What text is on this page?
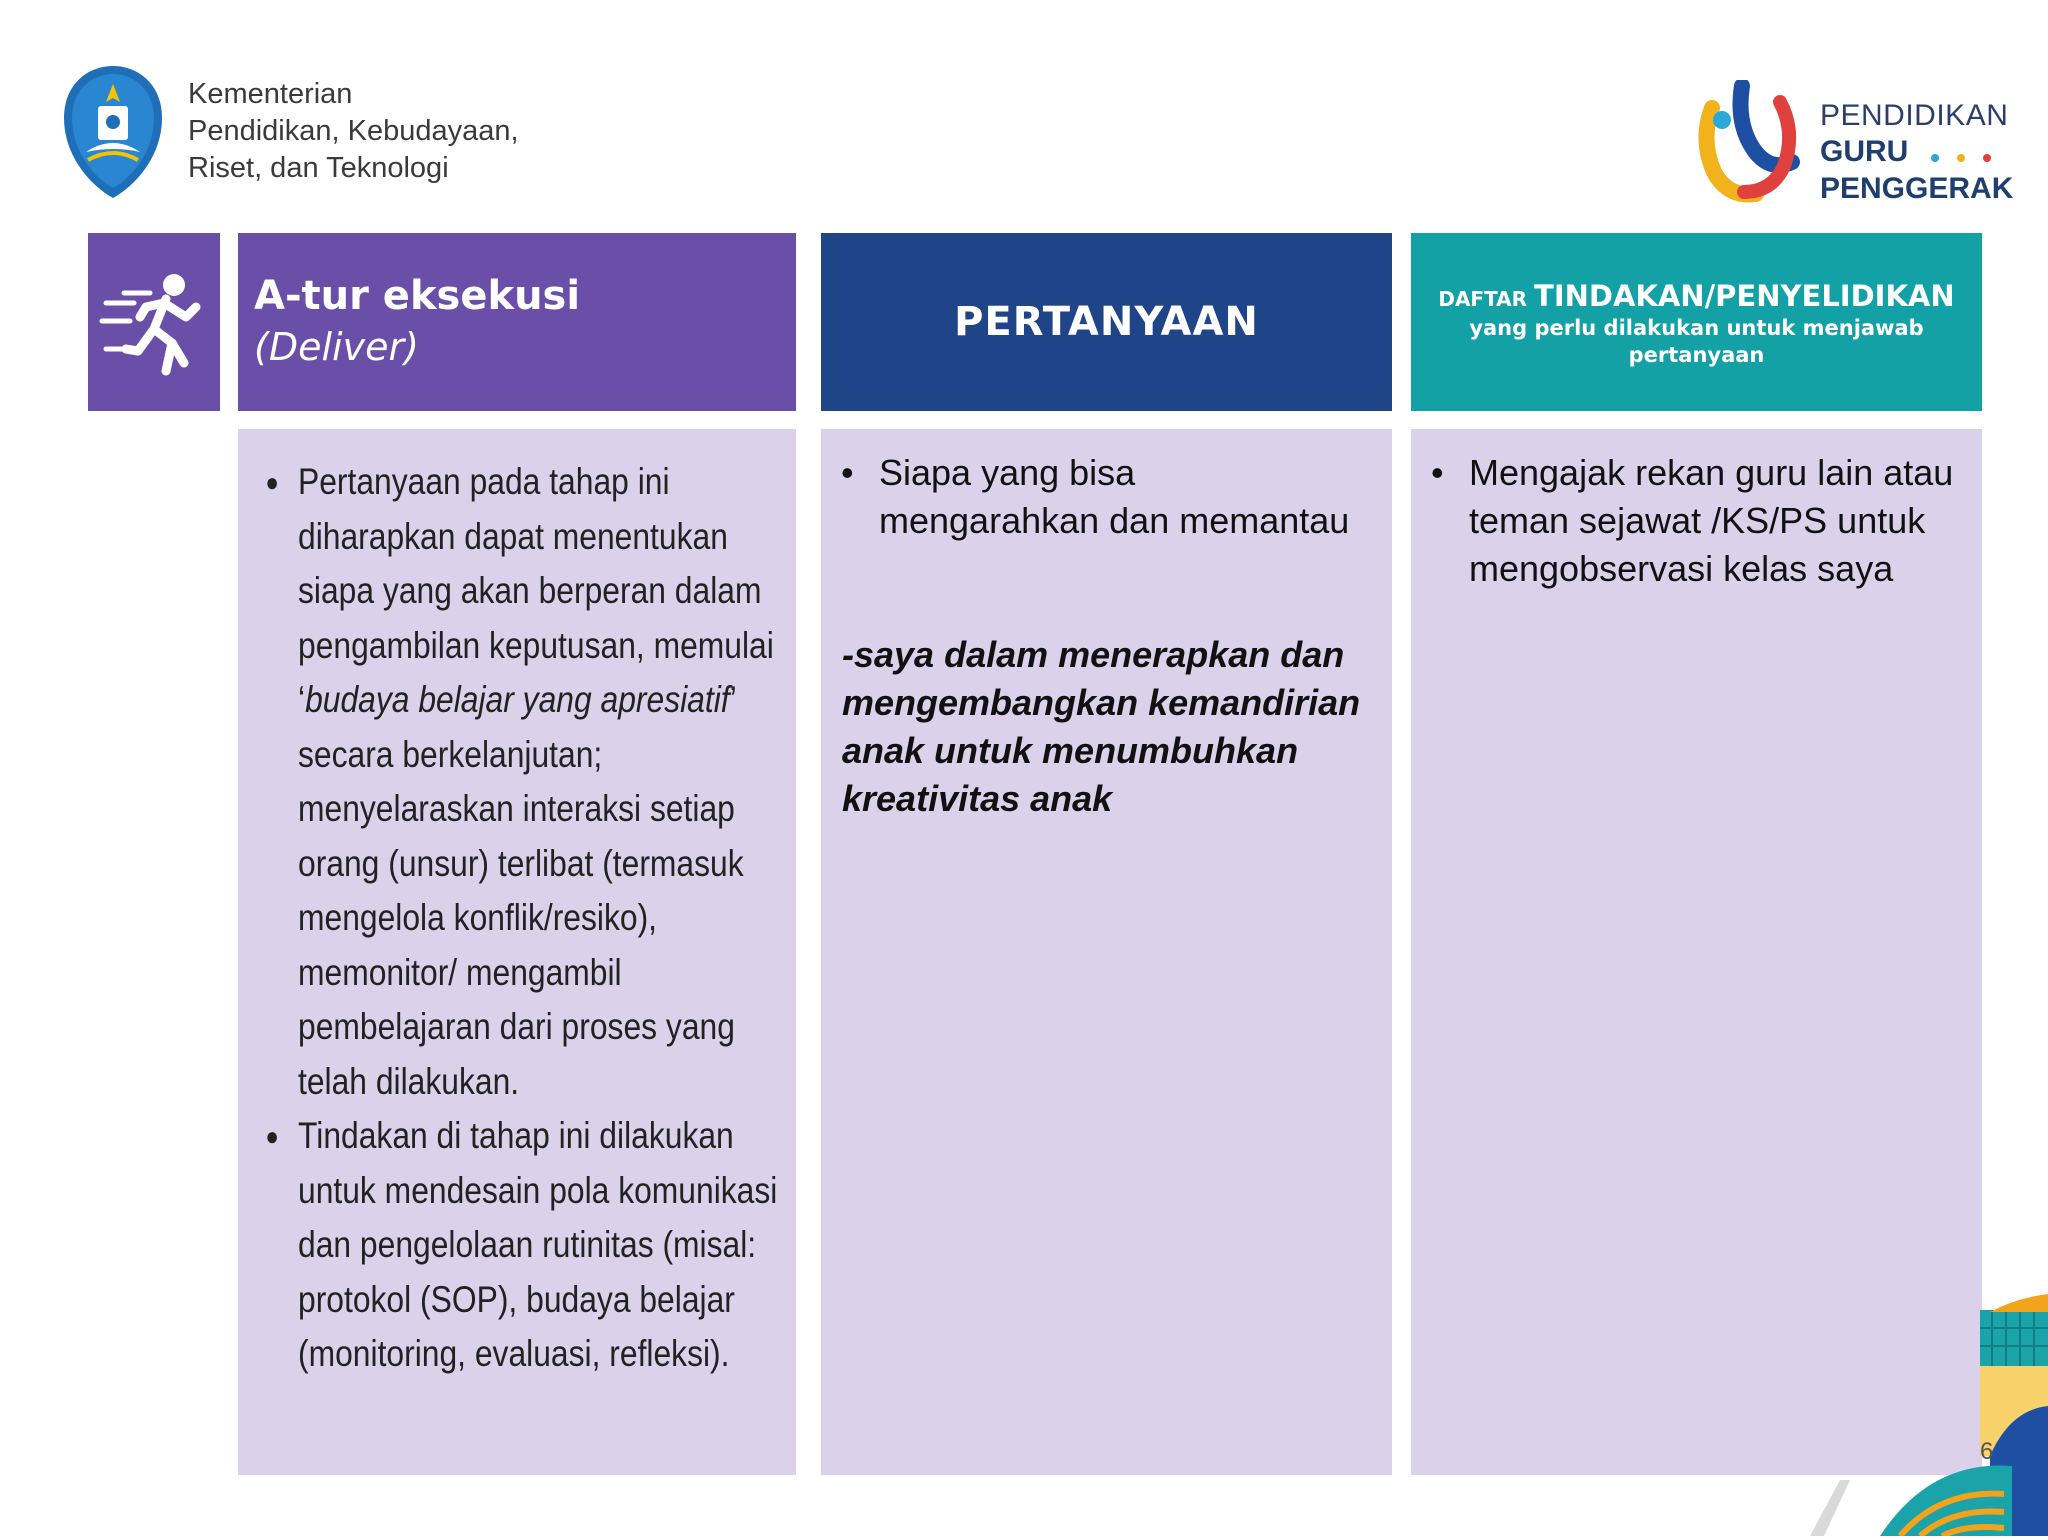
Kementerian
Pendidikan, Kebudayaan,
Riset, dan Teknologi
PENDIDIKAN
GURU
PENGGERAK
A-tur eksekusi
(Deliver)
PERTANYAAN	DAFTAR TINDAKAN/PENYELIDIKAN
yang perlu dilakukan untuk menjawab pertanyaan
● Pertanyaan pada tahap ini diharapkan dapat menentukan siapa yang akan berperan dalam pengambilan keputusan, memulai ‘budaya belajar yang apresiatif’ secara berkelanjutan; menyelaraskan interaksi setiap orang (unsur) terlibat (termasuk mengelola konflik/resiko), memonitor/ mengambil pembelajaran dari proses yang telah dilakukan.
● Tindakan di tahap ini dilakukan untuk mendesain pola komunikasi dan pengelolaan rutinitas (misal: protokol (SOP), budaya belajar (monitoring, evaluasi, refleksi).
• Siapa yang bisa mengarahkan dan memantau
-saya dalam menerapkan dan mengembangkan kemandirian anak untuk menumbuhkan kreativitas anak
• Mengajak rekan guru lain atau teman sejawat /KS/PS untuk mengobservasi kelas saya
6
